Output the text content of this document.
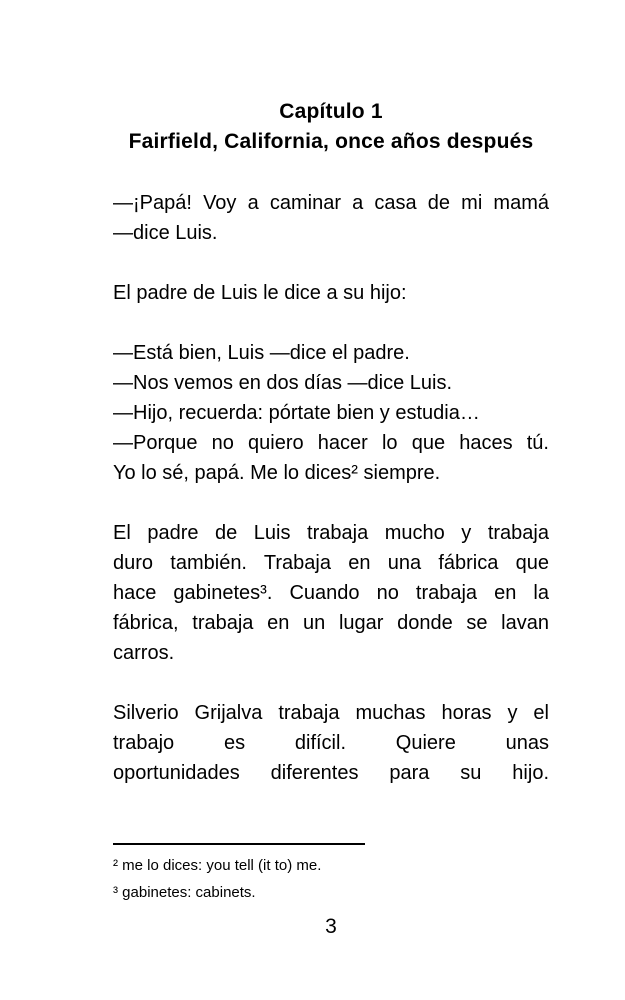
Capítulo 1
Fairfield, California, once años después
—¡Papá! Voy a caminar a casa de mi mamá
—dice Luis.
El padre de Luis le dice a su hijo:
—Está bien, Luis —dice el padre.
—Nos vemos en dos días —dice Luis.
—Hijo, recuerda: pórtate bien y estudia…
—Porque no quiero hacer lo que haces tú.
Yo lo sé, papá. Me lo dices² siempre.
El padre de Luis trabaja mucho y trabaja
duro también. Trabaja en una fábrica que
hace gabinetes³. Cuando no trabaja en la
fábrica, trabaja en un lugar donde se lavan
carros.
Silverio Grijalva trabaja muchas horas y el
trabajo es difícil. Quiere unas
oportunidades diferentes para su hijo.
² me lo dices: you tell (it to) me.
³ gabinetes: cabinets.
3
